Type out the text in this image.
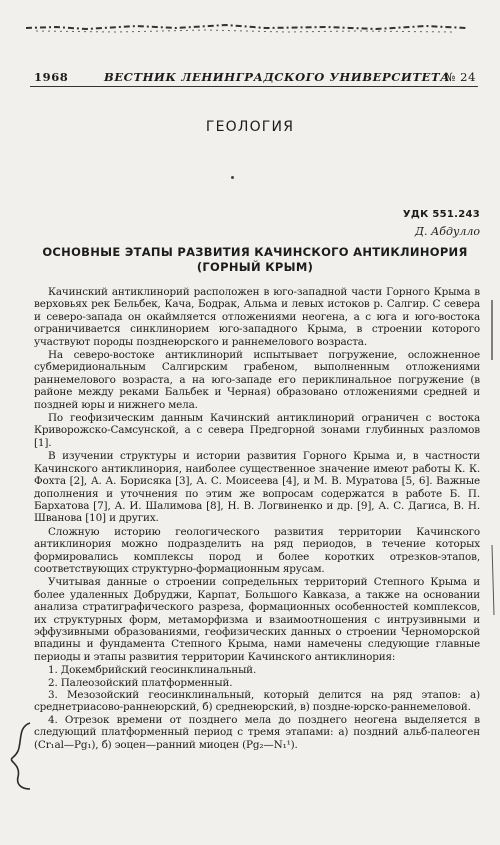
1968	ВЕСТНИК ЛЕНИНГРАДСКОГО УНИВЕРСИТЕТА
№ 24
ГЕОЛОГИЯ
УДК 551.243
Д. Абдулло
ОСНОВНЫЕ ЭТАПЫ РАЗВИТИЯ КАЧИНСКОГО АНТИКЛИНОРИЯ
(ГОРНЫЙ КРЫМ)

Качинский антиклинорий расположен в юго-западной части Горного Крыма в верховьях рек Бельбек, Кача, Бодрак, Альма и левых истоков р. Салгир. С севера и северо-запада он окаймляется отложениями неогена, а с юга и юго-востока ограничивается синклинорием юго-западного Крыма, в строении которого участвуют породы позднеюрского и раннемелового возраста.

На северо-востоке антиклинорий испытывает погружение, осложненное субмеридиональным Салгирским грабеном, выполненным отложениями раннемелового возраста, а на юго-западе его периклинальное погружение (в районе между реками Бальбек и Черная) образовано отложениями средней и поздней юры и нижнего мела.

По геофизическим данным Качинский антиклинорий ограничен с востока Криворожско-Самсунской, а с севера Предгорной зонами глубинных разломов [1].

В изучении структуры и истории развития Горного Крыма и, в частности Качинского антиклинория, наиболее существенное значение имеют работы К. К. Фохта [2], А. А. Борисяка [3], А. С. Моисеева [4], и М. В. Муратова [5, 6]. Важные дополнения и уточнения по этим же вопросам содержатся в работе Б. П. Бархатова [7], А. И. Шалимова [8], Н. В. Логвиненко и др. [9], А. С. Дагиса, В. Н. Шванова [10] и других.

Сложную историю геологического развития территории Качинского антиклинория можно подразделить на ряд периодов, в течение которых формировались комплексы пород и более коротких отрезков-этапов, соответствующих структурно-формационным ярусам.

Учитывая данные о строении сопредельных территорий Степного Крыма и более удаленных Добруджи, Карпат, Большого Кавказа, а также на основании анализа стратиграфического разреза, формационных особенностей комплексов, их структурных форм, метаморфизма и взаимоотношения с интрузивными и эффузивными образованиями, геофизических данных о строении Черноморской впадины и фундамента Степного Крыма, нами намечены следующие главные периоды и этапы развития территории Качинского антиклинория:

1. Докембрийский геосинклинальный.
2. Палеозойский платформенный.
3. Мезозойский геосинклинальный, который делится на ряд этапов: а) среднетриасово-раннеюрский, б) среднеюрский, в) поздне-юрско-раннемеловой.
4. Отрезок времени от позднего мела до позднего неогена выделяется в следующий платформенный период с тремя этапами: а) поздний альб-палеоген (Cr₁al—Pg₁), б) эоцен—ранний миоцен (Pg₂—N₁¹).
